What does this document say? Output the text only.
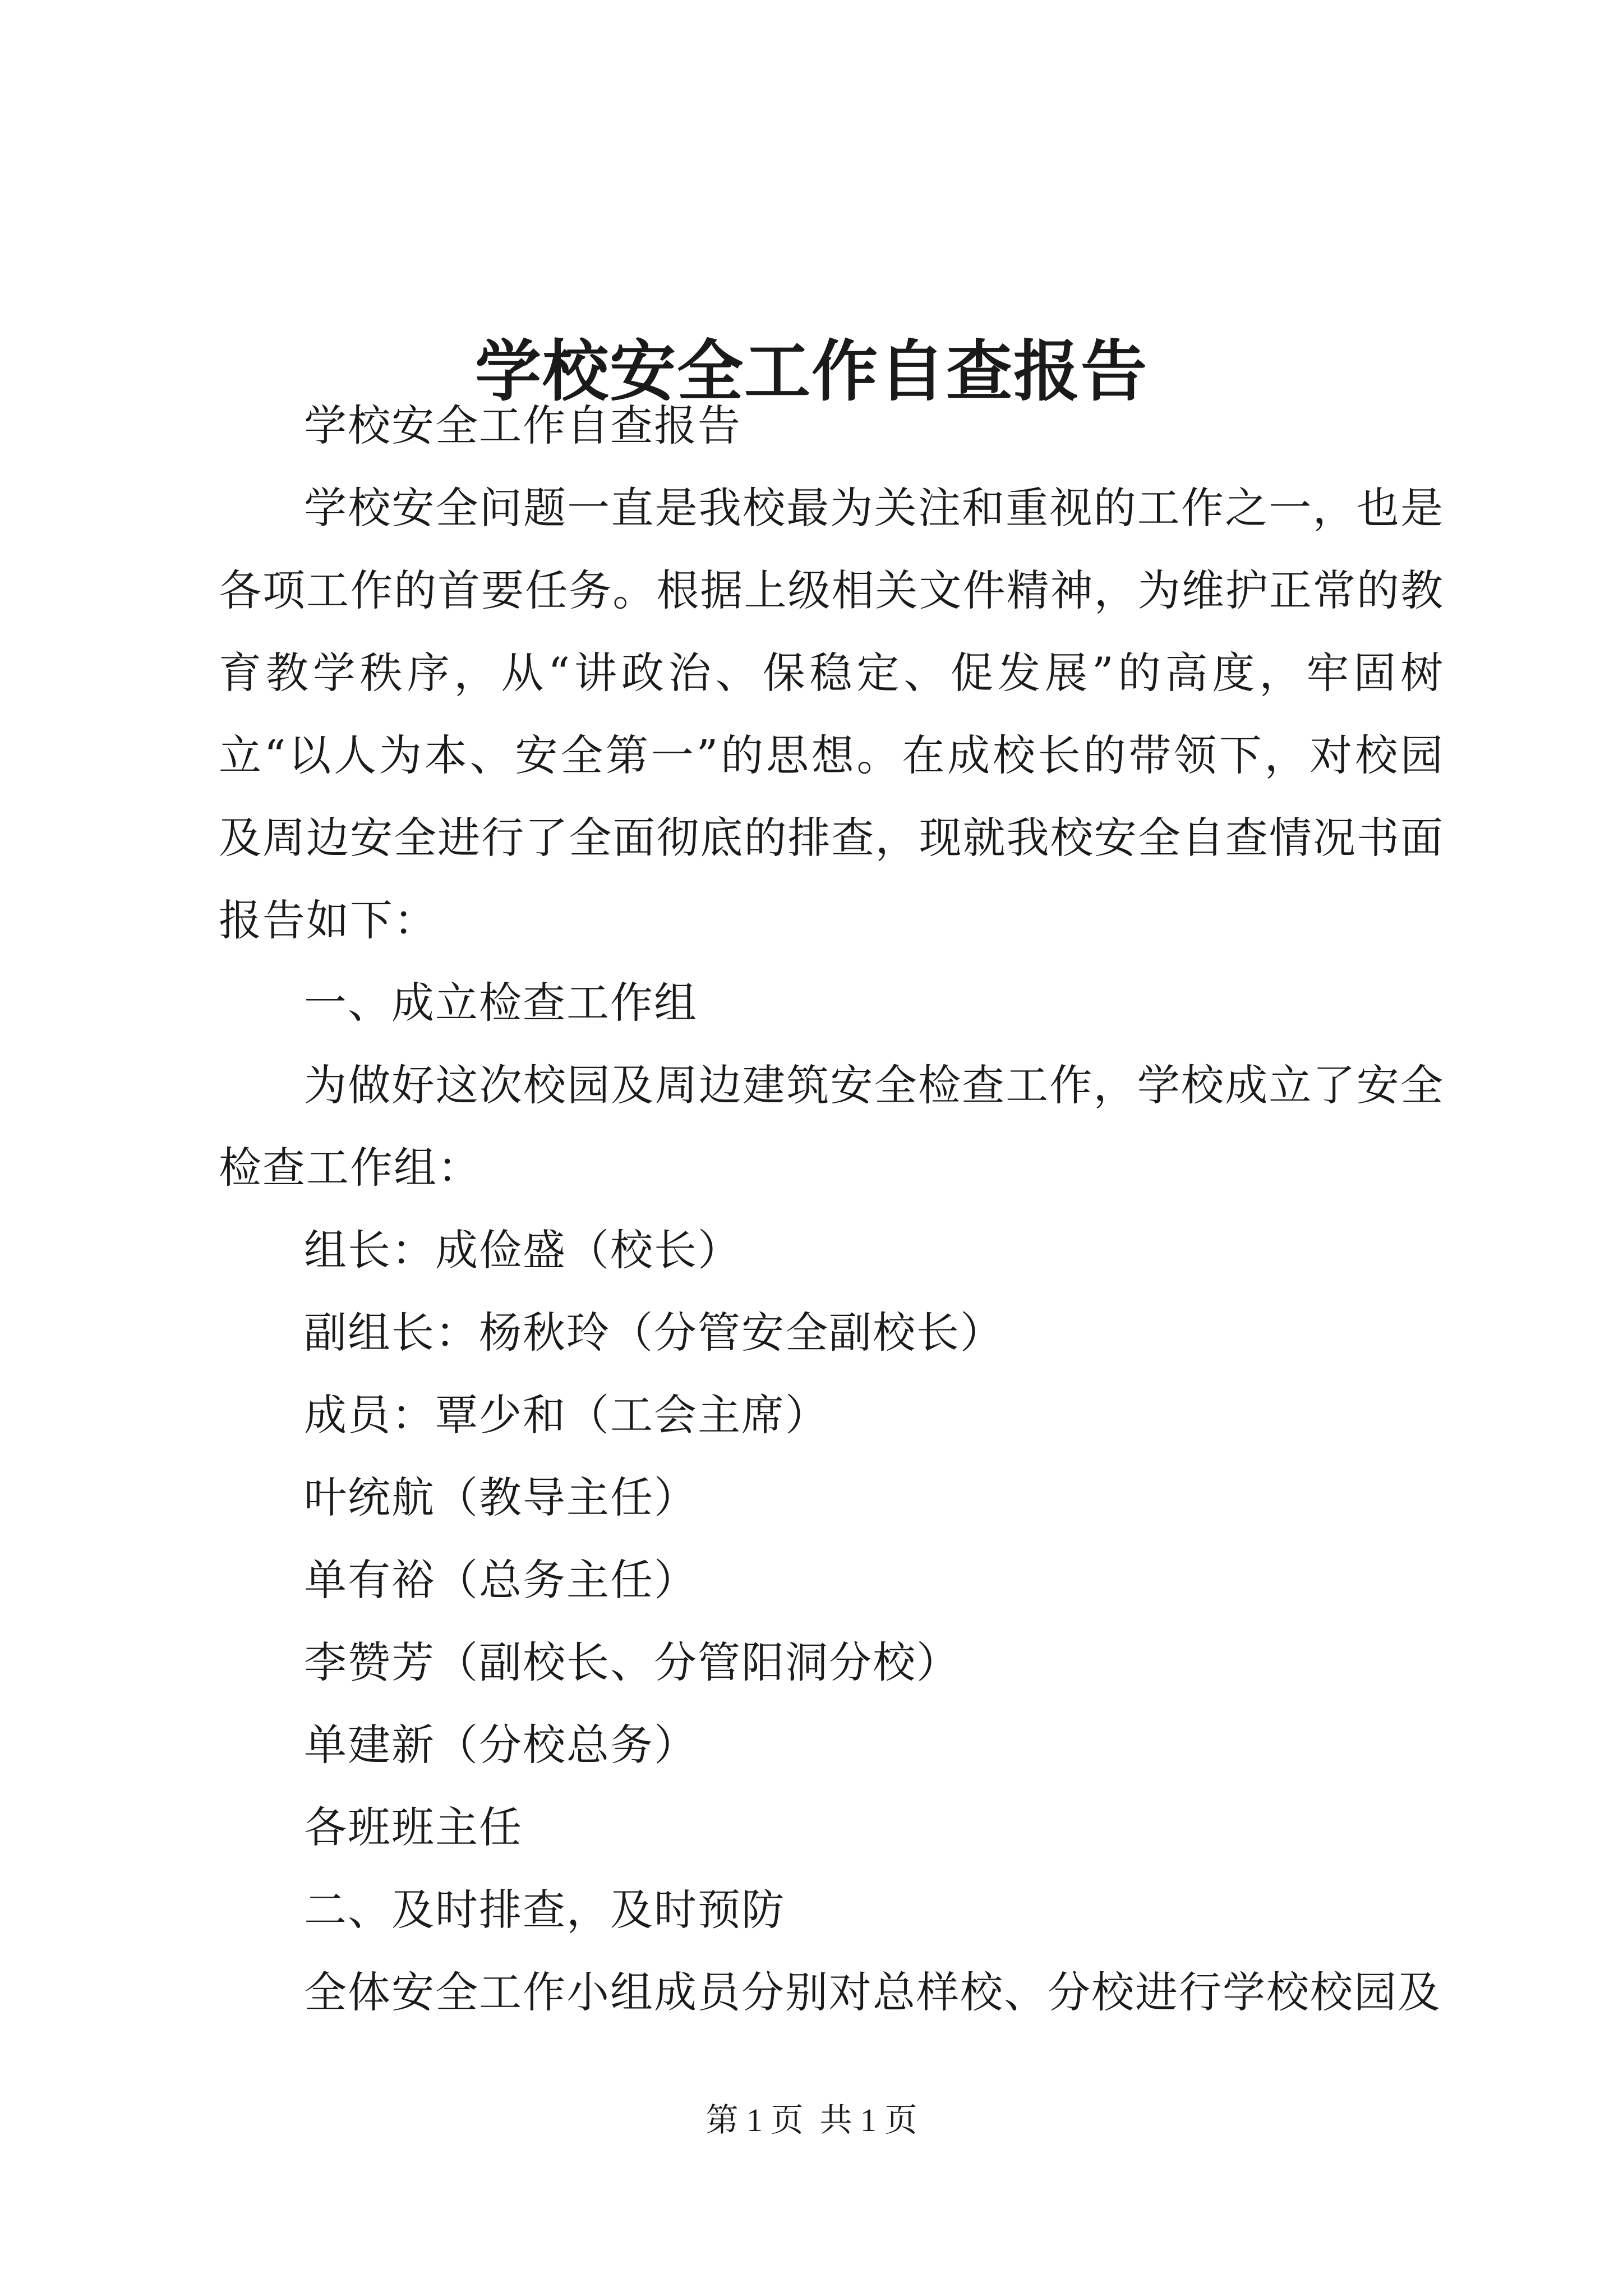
学校安全工作自查报告

学校安全工作自查报告

学校安全问题一直是我校最为关注和重视的工作之一，也是各项工作的首要任务。根据上级相关文件精神，为维护正常的教育教学秩序，从“讲政治、保稳定、促发展”的高度，牢固树立“以人为本、安全第一”的思想。在成校长的带领下，对校园及周边安全进行了全面彻底的排查，现就我校安全自查情况书面报告如下：

一、成立检查工作组

为做好这次校园及周边建筑安全检查工作，学校成立了安全检查工作组：

组长：成俭盛（校长）

副组长：杨秋玲（分管安全副校长）

成员：覃少和（工会主席）

叶统航（教导主任）

单有裕（总务主任）

李赞芳（副校长、分管阳洞分校）

单建新（分校总务）

各班班主任

二、及时排查，及时预防

全体安全工作小组成员分别对总样校、分校进行学校校园及

第 1 页  共 1 页
